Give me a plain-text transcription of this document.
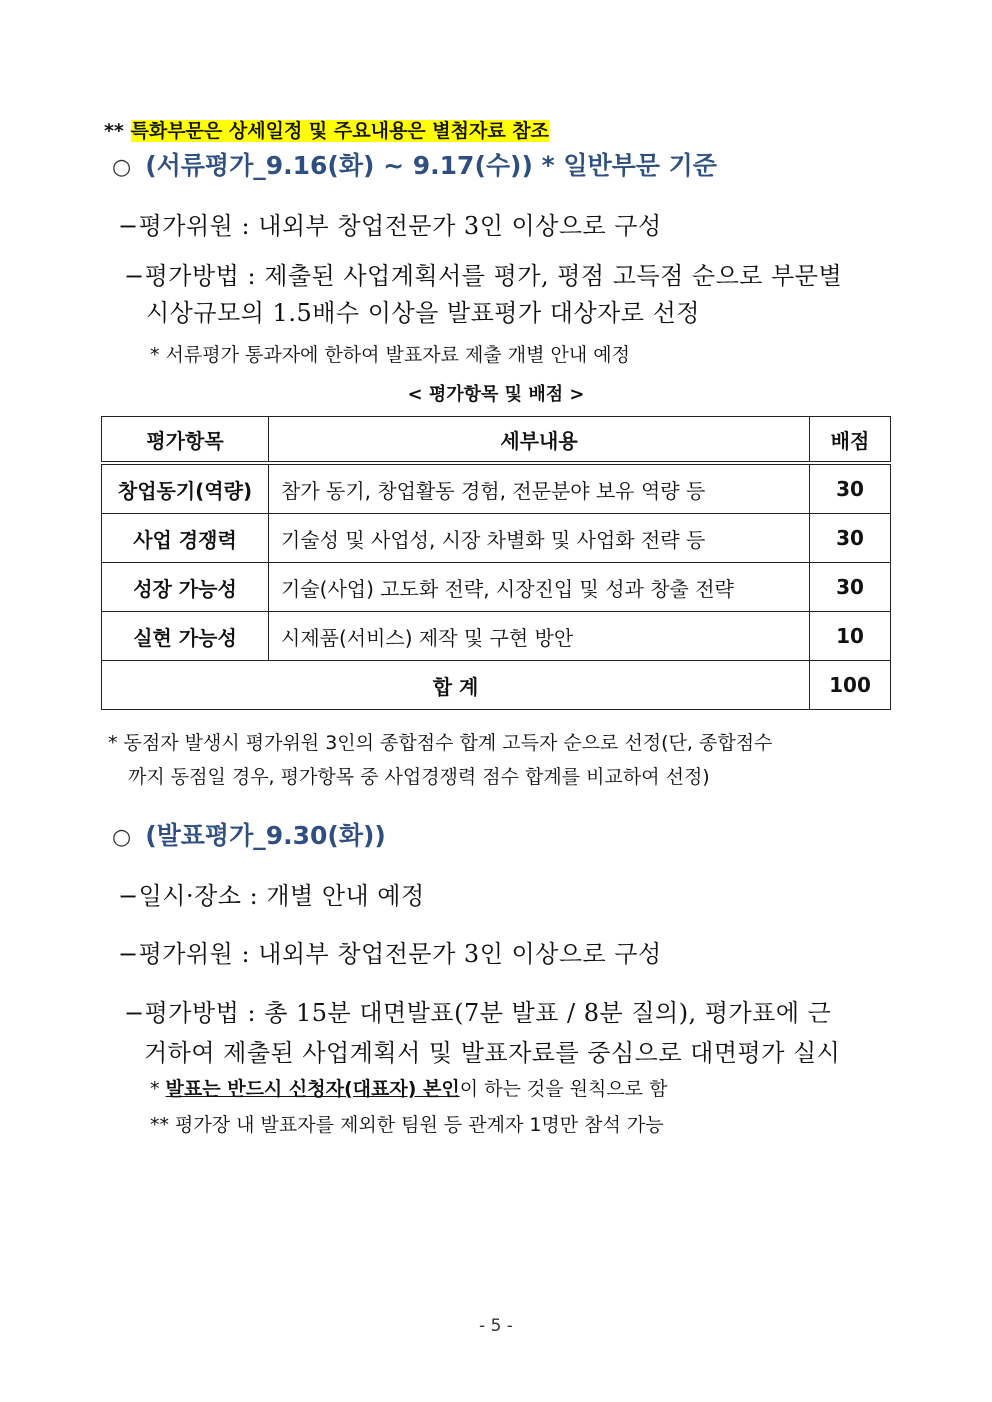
** 특화부문은 상세일정 및 주요내용은 별첨자료 참조
○ (서류평가_9.16(화) ~ 9.17(수)) * 일반부문 기준
−평가위원 : 내외부 창업전문가 3인 이상으로 구성
−평가방법 : 제출된 사업계획서를 평가, 평점 고득점 순으로 부문별
시상규모의 1.5배수 이상을 발표평가 대상자로 선정
* 서류평가 통과자에 한하여 발표자료 제출 개별 안내 예정
< 평가항목 및 배점 >
평가항목	세부내용	배점
창업동기(역량)	참가 동기, 창업활동 경험, 전문분야 보유 역량 등	30
사업 경쟁력	기술성 및 사업성, 시장 차별화 및 사업화 전략 등	30
성장 가능성	기술(사업) 고도화 전략, 시장진입 및 성과 창출 전략	30
실현 가능성	시제품(서비스) 제작 및 구현 방안	10
합 계		100
* 동점자 발생시 평가위원 3인의 종합점수 합계 고득자 순으로 선정(단, 종합점수
까지 동점일 경우, 평가항목 중 사업경쟁력 점수 합계를 비교하여 선정)
○ (발표평가_9.30(화))
−일시·장소 : 개별 안내 예정
−평가위원 : 내외부 창업전문가 3인 이상으로 구성
−평가방법 : 총 15분 대면발표(7분 발표 / 8분 질의), 평가표에 근
거하여 제출된 사업계획서 및 발표자료를 중심으로 대면평가 실시
* 발표는 반드시 신청자(대표자) 본인이 하는 것을 원칙으로 함
** 평가장 내 발표자를 제외한 팀원 등 관계자 1명만 참석 가능
- 5 -
